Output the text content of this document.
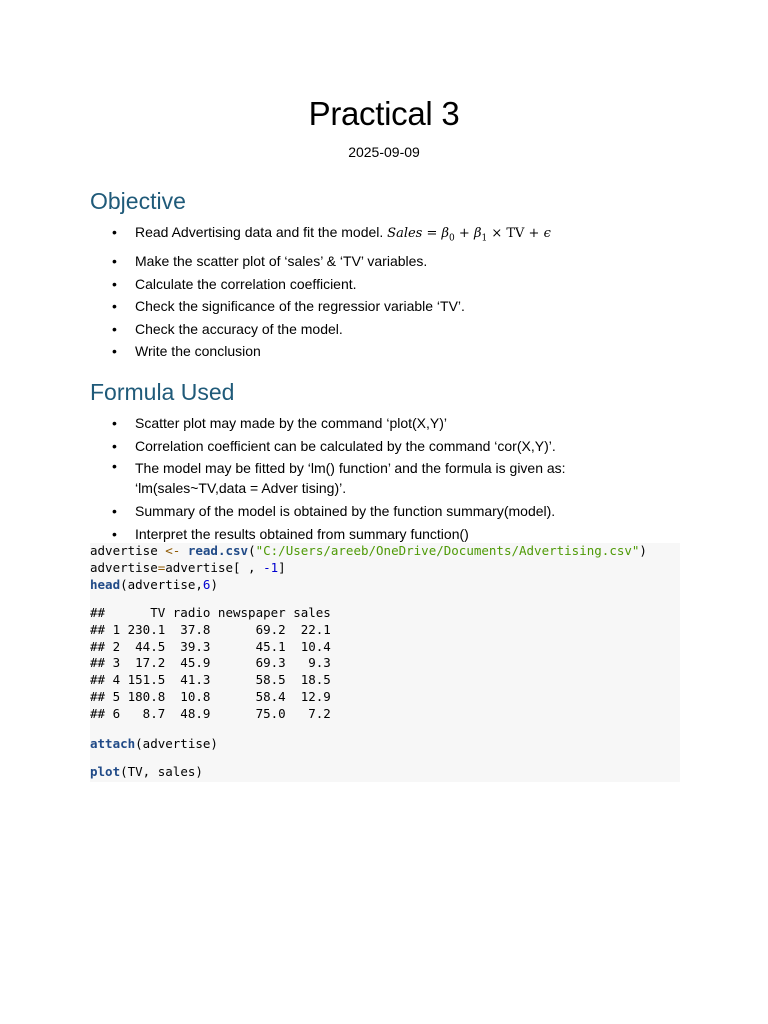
Practical 3
2025-09-09
Objective
• Read Advertising data and fit the model. Sales = $\beta_0 + \beta_1$ × TV + ϵ
• Make the scatter plot of ‘sales’ & ‘TV’ variables.
• Calculate the correlation coefficient.
• Check the significance of the regressior variable ‘TV’.
• Check the accuracy of the model.
• Write the conclusion
Formula Used
• Scatter plot may made by the command ‘plot(X,Y)’
• Correlation coefficient can be calculated by the command ‘cor(X,Y)’.
• The model may be fitted by ‘lm() function’ and the formula is given as: ‘lm(sales~TV,data = Adver tising)’.
• Summary of the model is obtained by the function summary(model).
• Interpret the results obtained from summary function()
advertise <- read.csv("C:/Users/areeb/OneDrive/Documents/Advertising.csv")
advertise=advertise[ , -1]
head(advertise,6)
##      TV radio newspaper sales
## 1 230.1  37.8      69.2  22.1
## 2  44.5  39.3      45.1  10.4
## 3  17.2  45.9      69.3   9.3
## 4 151.5  41.3      58.5  18.5
## 5 180.8  10.8      58.4  12.9
## 6   8.7  48.9      75.0   7.2
attach(advertise)
plot(TV, sales)
